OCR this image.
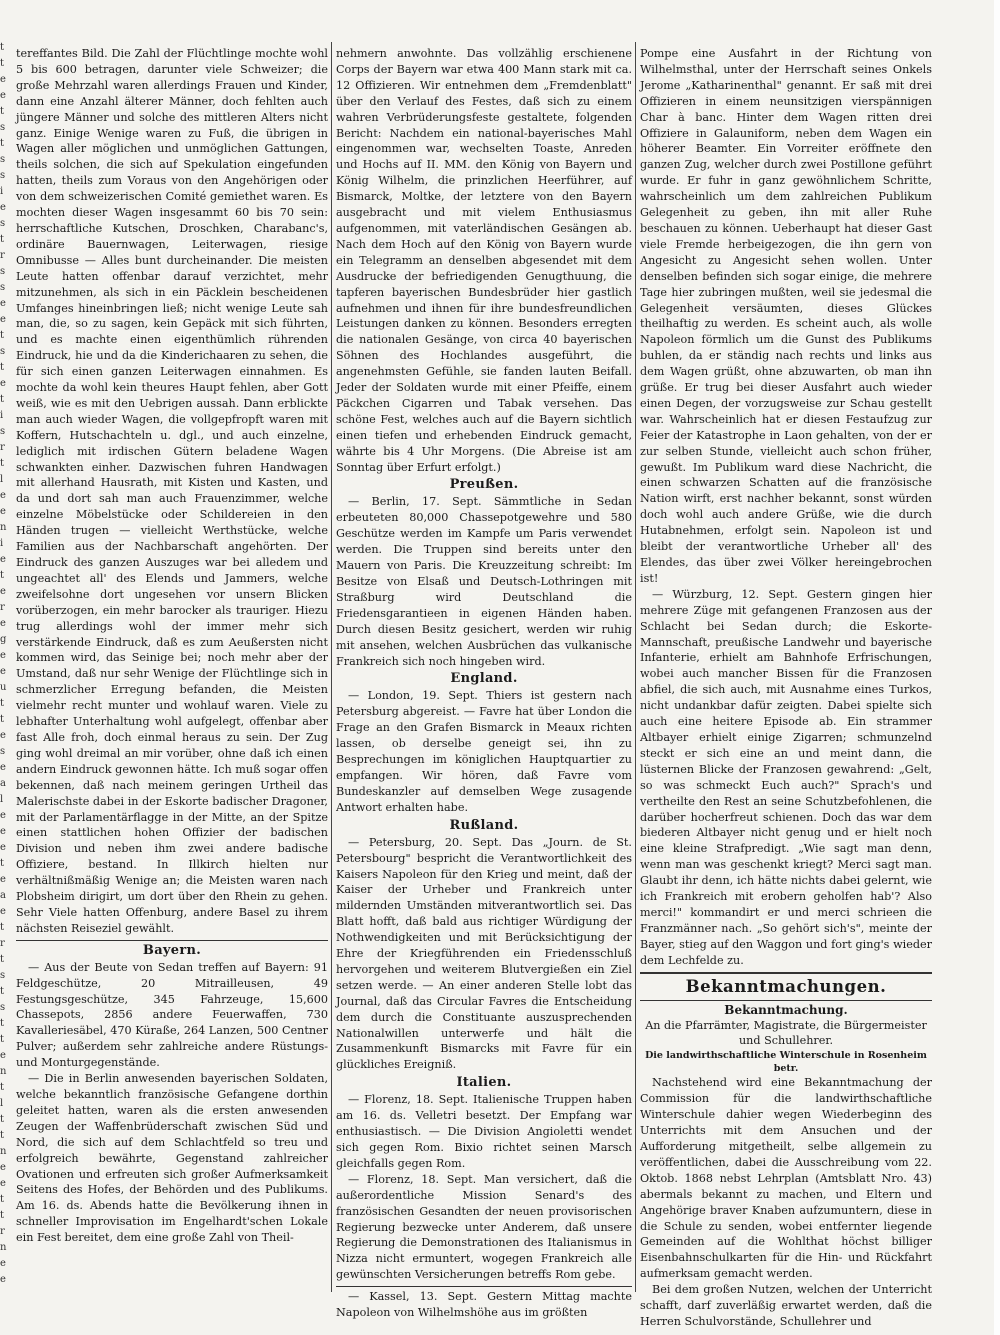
t
t
e
e
t
s
t
s
s
i
e
s
t
r
s
s
e
e
t
s
t
e
t
i
s
r
t
l
e
e
n
i
e
t
e
r
e
g
e
e
u
t
t
e
s
e
a
l
e
e
e
t
e
a
e
t
r
t
s
t
s
t
t
e
n
t
l
t
t
n
e
e
t
t
r
n
e
e

tereffantes Bild. Die Zahl der Flüchtlinge mochte wohl 5 bis 600 betragen, darunter viele Schweizer; die große Mehrzahl waren allerdings Frauen und Kinder, dann eine Anzahl älterer Männer, doch fehlten auch jüngere Männer und solche des mittleren Alters nicht ganz. Einige Wenige waren zu Fuß, die übrigen in Wagen aller möglichen und unmöglichen Gattungen, theils solchen, die sich auf Spekulation eingefunden hatten, theils zum Voraus von den Angehörigen oder von dem schweizerischen Comité gemiethet waren. Es mochten dieser Wagen insgesammt 60 bis 70 sein: herrschaftliche Kutschen, Droschken, Charabanc's, ordinäre Bauernwagen, Leiterwagen, riesige Omnibusse — Alles bunt durcheinander. Die meisten Leute hatten offenbar darauf verzichtet, mehr mitzunehmen, als sich in ein Päcklein bescheidenen Umfanges hineinbringen ließ; nicht wenige Leute sah man, die, so zu sagen, kein Gepäck mit sich führten, und es machte einen eigenthümlich rührenden Eindruck, hie und da die Kinderichaaren zu sehen, die für sich einen ganzen Leiterwagen einnahmen. Es mochte da wohl kein theures Haupt fehlen, aber Gott weiß, wie es mit den Uebrigen aussah. Dann erblickte man auch wieder Wagen, die vollgepfropft waren mit Koffern, Hutschachteln u. dgl., und auch einzelne, lediglich mit irdischen Gütern beladene Wagen schwankten einher. Dazwischen fuhren Handwagen mit allerhand Hausrath, mit Kisten und Kasten, und da und dort sah man auch Frauenzimmer, welche einzelne Möbelstücke oder Schildereien in den Händen trugen — vielleicht Werthstücke, welche Familien aus der Nachbarschaft angehörten. Der Eindruck des ganzen Auszuges war bei alledem und ungeachtet all' des Elends und Jammers, welche zweifelsohne dort ungesehen vor unsern Blicken vorüberzogen, ein mehr barocker als trauriger. Hiezu trug allerdings wohl der immer mehr sich verstärkende Eindruck, daß es zum Aeußersten nicht kommen wird, das Seinige bei; noch mehr aber der Umstand, daß nur sehr Wenige der Flüchtlinge sich in schmerzlicher Erregung befanden, die Meisten vielmehr recht munter und wohlauf waren. Viele zu lebhafter Unterhaltung wohl aufgelegt, offenbar aber fast Alle froh, doch einmal heraus zu sein. Der Zug ging wohl dreimal an mir vorüber, ohne daß ich einen andern Eindruck gewonnen hätte. Ich muß sogar offen bekennen, daß nach meinem geringen Urtheil das Malerischste dabei in der Eskorte badischer Dragoner, mit der Parlamentärflagge in der Mitte, an der Spitze einen stattlichen hohen Offizier der badischen Division und neben ihm zwei andere badische Offiziere, bestand. In Illkirch hielten nur verhältnißmäßig Wenige an; die Meisten waren nach Plobsheim dirigirt, um dort über den Rhein zu gehen. Sehr Viele hatten Offenburg, andere Basel zu ihrem nächsten Reiseziel gewählt.

Bayern.

— Aus der Beute von Sedan treffen auf Bayern: 91 Feldgeschütze, 20 Mitrailleusen, 49 Festungsgeschütze, 345 Fahrzeuge, 15,600 Chassepots, 2856 andere Feuerwaffen, 730 Kavalleriesäbel, 470 Küraße, 264 Lanzen, 500 Centner Pulver; außerdem sehr zahlreiche andere Rüstungs- und Monturgegenstände.

— Die in Berlin anwesenden bayerischen Soldaten, welche bekanntlich französische Gefangene dorthin geleitet hatten, waren als die ersten anwesenden Zeugen der Waffenbrüderschaft zwischen Süd und Nord, die sich auf dem Schlachtfeld so treu und erfolgreich bewährte, Gegenstand zahlreicher Ovationen und erfreuten sich großer Aufmerksamkeit Seitens des Hofes, der Behörden und des Publikums. Am 16. ds. Abends hatte die Bevölkerung ihnen in schneller Improvisation im Engelhardt'schen Lokale ein Fest bereitet, dem eine große Zahl von Theil-

nehmern anwohnte. Das vollzählig erschienene Corps der Bayern war etwa 400 Mann stark mit ca. 12 Offizieren. Wir entnehmen dem „Fremdenblatt" über den Verlauf des Festes, daß sich zu einem wahren Verbrüderungsfeste gestaltete, folgenden Bericht: Nachdem ein national-bayerisches Mahl eingenommen war, wechselten Toaste, Anreden und Hochs auf II. MM. den König von Bayern und König Wilhelm, die prinzlichen Heerführer, auf Bismarck, Moltke, der letztere von den Bayern ausgebracht und mit vielem Enthusiasmus aufgenommen, mit vaterländischen Gesängen ab. Nach dem Hoch auf den König von Bayern wurde ein Telegramm an denselben abgesendet mit dem Ausdrucke der befriedigenden Genugthuung, die tapferen bayerischen Bundesbrüder hier gastlich aufnehmen und ihnen für ihre bundesfreundlichen Leistungen danken zu können. Besonders erregten die nationalen Gesänge, von circa 40 bayerischen Söhnen des Hochlandes ausgeführt, die angenehmsten Gefühle, sie fanden lauten Beifall. Jeder der Soldaten wurde mit einer Pfeiffe, einem Päckchen Cigarren und Tabak versehen. Das schöne Fest, welches auch auf die Bayern sichtlich einen tiefen und erhebenden Eindruck gemacht, währte bis 4 Uhr Morgens. (Die Abreise ist am Sonntag über Erfurt erfolgt.)

Preußen.

— Berlin, 17. Sept. Sämmtliche in Sedan erbeuteten 80,000 Chassepotgewehre und 580 Geschütze werden im Kampfe um Paris verwendet werden. Die Truppen sind bereits unter den Mauern von Paris. Die Kreuzzeitung schreibt: Im Besitze von Elsaß und Deutsch-Lothringen mit Straßburg wird Deutschland die Friedensgarantieen in eigenen Händen haben. Durch diesen Besitz gesichert, werden wir ruhig mit ansehen, welchen Ausbrüchen das vulkanische Frankreich sich noch hingeben wird.

England.

— London, 19. Sept. Thiers ist gestern nach Petersburg abgereist. — Favre hat über London die Frage an den Grafen Bismarck in Meaux richten lassen, ob derselbe geneigt sei, ihn zu Besprechungen im königlichen Hauptquartier zu empfangen. Wir hören, daß Favre vom Bundeskanzler auf demselben Wege zusagende Antwort erhalten habe.

Rußland.

— Petersburg, 20. Sept. Das „Journ. de St. Petersbourg" bespricht die Verantwortlichkeit des Kaisers Napoleon für den Krieg und meint, daß der Kaiser der Urheber und Frankreich unter mildernden Umständen mitverantwortlich sei. Das Blatt hofft, daß bald aus richtiger Würdigung der Nothwendigkeiten und mit Berücksichtigung der Ehre der Kriegführenden ein Friedensschluß hervorgehen und weiterem Blutvergießen ein Ziel setzen werde. — An einer anderen Stelle lobt das Journal, daß das Circular Favres die Entscheidung dem durch die Constituante auszusprechenden Nationalwillen unterwerfe und hält die Zusammenkunft Bismarcks mit Favre für ein glückliches Ereigniß.

Italien.

— Florenz, 18. Sept. Italienische Truppen haben am 16. ds. Velletri besetzt. Der Empfang war enthusiastisch. — Die Division Angioletti wendet sich gegen Rom. Bixio richtet seinen Marsch gleichfalls gegen Rom.

— Florenz, 18. Sept. Man versichert, daß die außerordentliche Mission Senard's des französischen Gesandten der neuen provisorischen Regierung bezwecke unter Anderem, daß unsere Regierung die Demonstrationen des Italianismus in Nizza nicht ermuntert, wogegen Frankreich alle gewünschten Versicherungen betreffs Rom gebe.

— Kassel, 13. Sept. Gestern Mittag machte Napoleon von Wilhelmshöhe aus im größten

Pompe eine Ausfahrt in der Richtung von Wilhelmsthal, unter der Herrschaft seines Onkels Jerome „Katharinenthal" genannt. Er saß mit drei Offizieren in einem neunsitzigen vierspännigen Char à banc. Hinter dem Wagen ritten drei Offiziere in Galauniform, neben dem Wagen ein höherer Beamter. Ein Vorreiter eröffnete den ganzen Zug, welcher durch zwei Postillone geführt wurde. Er fuhr in ganz gewöhnlichem Schritte, wahrscheinlich um dem zahlreichen Publikum Gelegenheit zu geben, ihn mit aller Ruhe beschauen zu können. Ueberhaupt hat dieser Gast viele Fremde herbeigezogen, die ihn gern von Angesicht zu Angesicht sehen wollen. Unter denselben befinden sich sogar einige, die mehrere Tage hier zubringen mußten, weil sie jedesmal die Gelegenheit versäumten, dieses Glückes theilhaftig zu werden. Es scheint auch, als wolle Napoleon förmlich um die Gunst des Publikums buhlen, da er ständig nach rechts und links aus dem Wagen grüßt, ohne abzuwarten, ob man ihn grüße. Er trug bei dieser Ausfahrt auch wieder einen Degen, der vorzugsweise zur Schau gestellt war. Wahrscheinlich hat er diesen Festaufzug zur Feier der Katastrophe in Laon gehalten, von der er zur selben Stunde, vielleicht auch schon früher, gewußt. Im Publikum ward diese Nachricht, die einen schwarzen Schatten auf die französische Nation wirft, erst nachher bekannt, sonst würden doch wohl auch andere Grüße, wie die durch Hutabnehmen, erfolgt sein. Napoleon ist und bleibt der verantwortliche Urheber all' des Elendes, das über zwei Völker hereingebrochen ist!

— Würzburg, 12. Sept. Gestern gingen hier mehrere Züge mit gefangenen Franzosen aus der Schlacht bei Sedan durch; die Eskorte-Mannschaft, preußische Landwehr und bayerische Infanterie, erhielt am Bahnhofe Erfrischungen, wobei auch mancher Bissen für die Franzosen abfiel, die sich auch, mit Ausnahme eines Turkos, nicht undankbar dafür zeigten. Dabei spielte sich auch eine heitere Episode ab. Ein strammer Altbayer erhielt einige Zigarren; schmunzelnd steckt er sich eine an und meint dann, die lüsternen Blicke der Franzosen gewahrend: „Gelt, so was schmeckt Euch auch?" Sprach's und vertheilte den Rest an seine Schutzbefohlenen, die darüber hocherfreut schienen. Doch das war dem biederen Altbayer nicht genug und er hielt noch eine kleine Strafpredigt. „Wie sagt man denn, wenn man was geschenkt kriegt? Merci sagt man. Glaubt ihr denn, ich hätte nichts dabei gelernt, wie ich Frankreich mit erobern geholfen hab'? Also merci!" kommandirt er und merci schrieen die Franzmänner nach. „So gehört sich's", meinte der Bayer, stieg auf den Waggon und fort ging's wieder dem Lechfelde zu.

Bekanntmachungen.
Bekanntmachung.

An die Pfarrämter, Magistrate, die Bürgermeister und Schullehrer.

Die landwirthschaftliche Winterschule in Rosenheim betr.

Nachstehend wird eine Bekanntmachung der Commission für die landwirthschaftliche Winterschule dahier wegen Wiederbeginn des Unterrichts mit dem Ansuchen und der Aufforderung mitgetheilt, selbe allgemein zu veröffentlichen, dabei die Ausschreibung vom 22. Oktob. 1868 nebst Lehrplan (Amtsblatt Nro. 43) abermals bekannt zu machen, und Eltern und Angehörige braver Knaben aufzumuntern, diese in die Schule zu senden, wobei entfernter liegende Gemeinden auf die Wohlthat höchst billiger Eisenbahnschulkarten für die Hin- und Rückfahrt aufmerksam gemacht werden.

Bei dem großen Nutzen, welchen der Unterricht schafft, darf zuverläßig erwartet werden, daß die Herren Schulvorstände, Schullehrer und
